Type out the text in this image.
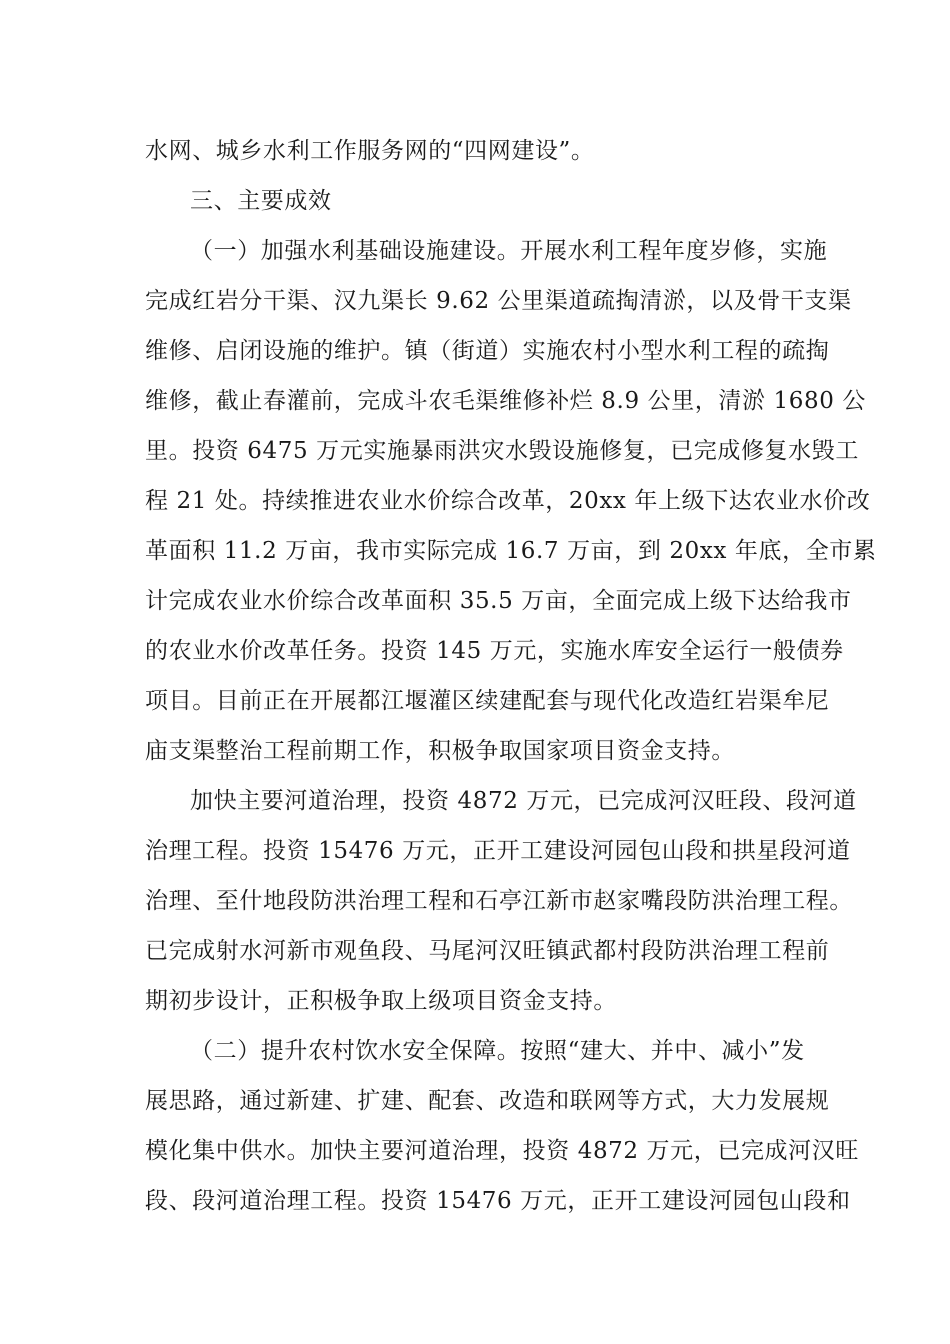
水网、城乡水利工作服务网的“四网建设”。
三、主要成效
（一）加强水利基础设施建设。开展水利工程年度岁修，实施
完成红岩分干渠、汉九渠长 9.62 公里渠道疏掏清淤，以及骨干支渠
维修、启闭设施的维护。镇（街道）实施农村小型水利工程的疏掏
维修，截止春灌前，完成斗农毛渠维修补烂 8.9 公里，清淤 1680 公
里。投资 6475 万元实施暴雨洪灾水毁设施修复，已完成修复水毁工
程 21 处。持续推进农业水价综合改革，20xx 年上级下达农业水价改
革面积 11.2 万亩，我市实际完成 16.7 万亩，到 20xx 年底，全市累
计完成农业水价综合改革面积 35.5 万亩，全面完成上级下达给我市
的农业水价改革任务。投资 145 万元，实施水库安全运行一般债券
项目。目前正在开展都江堰灌区续建配套与现代化改造红岩渠牟尼
庙支渠整治工程前期工作，积极争取国家项目资金支持。
加快主要河道治理，投资 4872 万元，已完成河汉旺段、段河道
治理工程。投资 15476 万元，正开工建设河园包山段和拱星段河道
治理、至什地段防洪治理工程和石亭江新市赵家嘴段防洪治理工程。
已完成射水河新市观鱼段、马尾河汉旺镇武都村段防洪治理工程前
期初步设计，正积极争取上级项目资金支持。
（二）提升农村饮水安全保障。按照“建大、并中、减小”发
展思路，通过新建、扩建、配套、改造和联网等方式，大力发展规
模化集中供水。加快主要河道治理，投资 4872 万元，已完成河汉旺
段、段河道治理工程。投资 15476 万元，正开工建设河园包山段和
